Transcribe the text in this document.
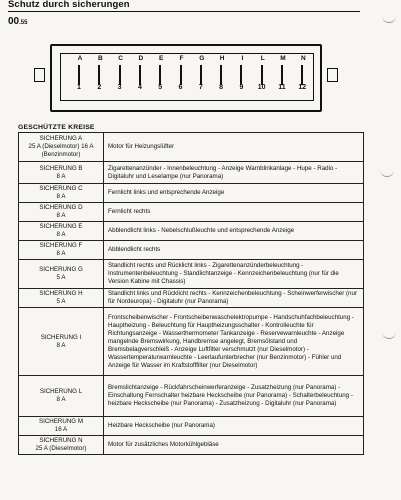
Schutz durch sicherungen
00.55
A
1
B
2
C
3
D
4
E
5
F
6
G
7
H
8
I
9
L
10
M
11
N
12
GESCHÜTZTE KREISE
SICHERUNG A
25 A (Dieselmotor) 16 A (Benzinmotor)	Motor für Heizungslüfter

SICHERUNG B
8 A	Zigarettenanzünder - Innenbeleuchtung - Anzeige Warnblinkanlage - Hupe - Radio - Digitaluhr und Leselampe (nur Panorama)

SICHERUNG C
8 A	Fernlicht links und entsprechende Anzeige

SICHERUNG D
8 A	Fernlicht rechts

SICHERUNG E
8 A	Abblendlicht links - Nebelschlußleuchte und entsprechende Anzeige

SICHERUNG F
8 A	Abblendlicht rechts

SICHERUNG G
5 A	Standlicht rechts und Rücklicht links - Zigarettenanzünderbeleuchtung - Instrumentenbeleuchtung - Standlichtanzeige - Kennzeichenbeleuchtung (nur für die Version Kabine mit Chassis)

SICHERUNG H
5 A	Standlicht links und Rücklicht rechts - Kennzeichenbeleuchtung - Scheinwerferwischer (nur für Nordeuropa) - Digitaluhr (nur Panorama)

SICHERUNG I
8 A	Frontscheibenwischer - Frontscheibenwaschelektropumpe - Handschuhfachbeleuchtung - Hauptheizung - Beleuchtung für Hauptheizungsschalter - Kontrolleuchte für Richtungsanzeige - Wasserthermometer Tankanzeige - Reservewarnleuchte - Anzeige mangelnde Bremswirkung, Handbremse angelegt, Bremsölstand und Bremsbelagverschleiß - Anzeige Luftfilter verschmutzt (nur Dieselmotor) - Wassertemperaturwarnleuchte - Leerlaufunterbrecher (nur Benzinmotor) - Fühler und Anzeige für Wasser im Kraftstofffilter (nur Dieselmotor)

SICHERUNG L
8 A	Bremslichtanzeige - Rückfahrscheinwerferanzeige - Zusatzheizung (nur Panorama) - Einschaltung Fernschalter heizbare Heckscheibe (nur Panorama) - Schalterbeleuchtung - heizbare Heckscheibe (nur Panorama) - Zusatzheizung - Digitaluhr (nur Panorama)

SICHERUNG M
16 A	Heizbare Heckscheibe (nur Panorama)

SICHERUNG N
25 A (Dieselmotor)	Motor für zusätzliches Motorkühlgebläse
